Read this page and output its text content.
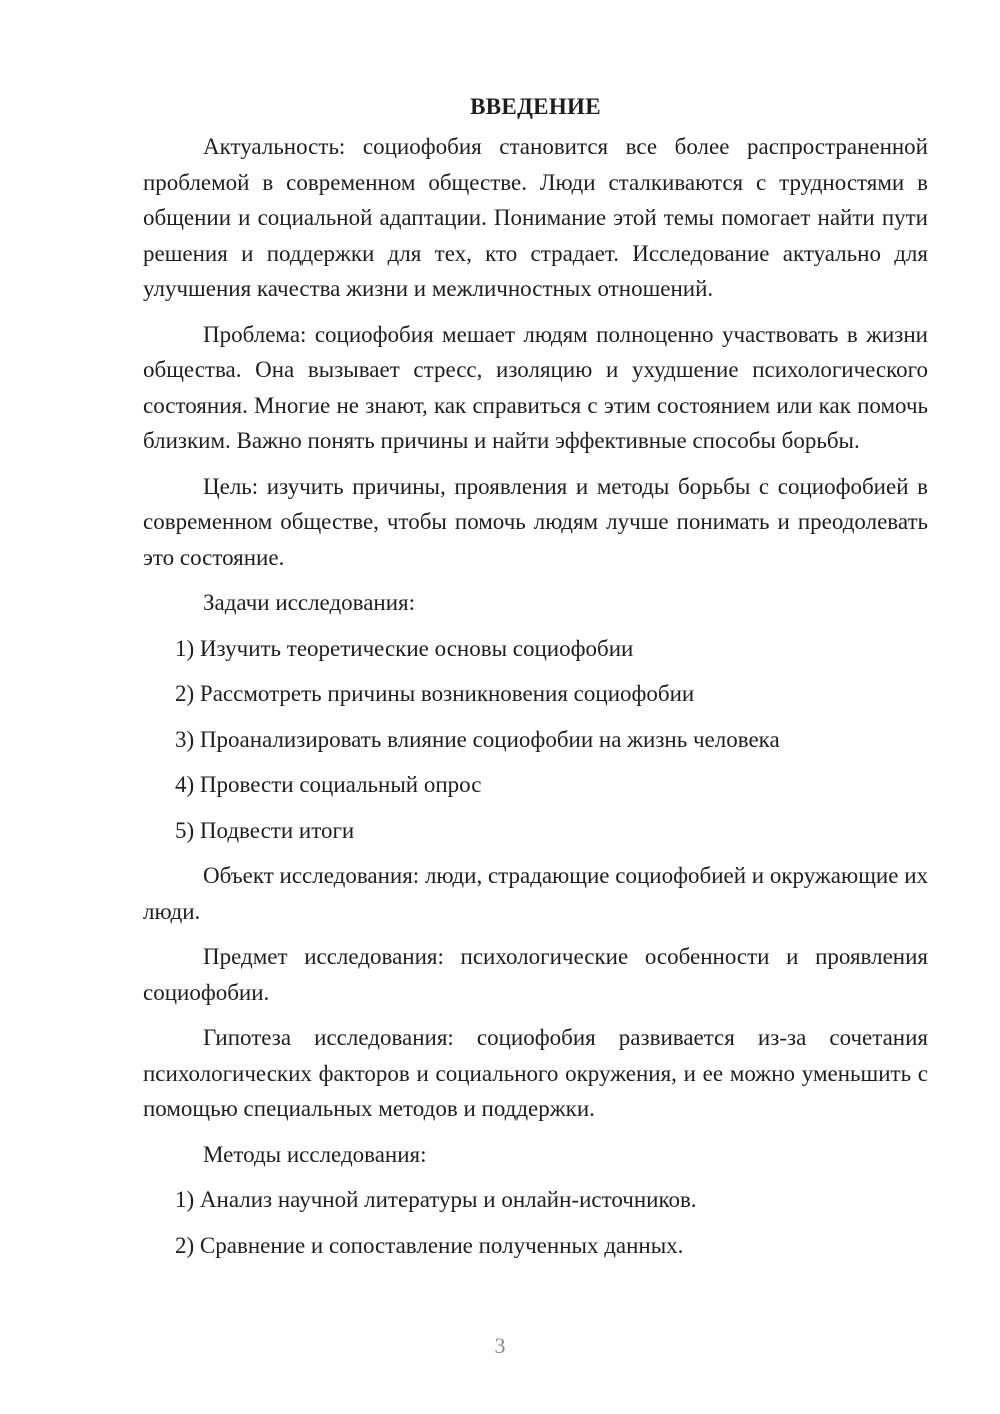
ВВЕДЕНИЕ

Актуальность: социофобия становится все более распространенной проблемой в современном обществе. Люди сталкиваются с трудностями в общении и социальной адаптации. Понимание этой темы помогает найти пути решения и поддержки для тех, кто страдает. Исследование актуально для улучшения качества жизни и межличностных отношений.

Проблема: социофобия мешает людям полноценно участвовать в жизни общества. Она вызывает стресс, изоляцию и ухудшение психологического состояния. Многие не знают, как справиться с этим состоянием или как помочь близким. Важно понять причины и найти эффективные способы борьбы.

Цель: изучить причины, проявления и методы борьбы с социофобией в современном обществе, чтобы помочь людям лучше понимать и преодолевать это состояние.

Задачи исследования:

1) Изучить теоретические основы социофобии
2) Рассмотреть причины возникновения социофобии
3) Проанализировать влияние социофобии на жизнь человека
4) Провести социальный опрос
5) Подвести итоги

Объект исследования: люди, страдающие социофобией и окружающие их люди.

Предмет исследования: психологические особенности и проявления социофобии.

Гипотеза исследования: социофобия развивается из-за сочетания психологических факторов и социального окружения, и ее можно уменьшить с помощью специальных методов и поддержки.

Методы исследования:

1) Анализ научной литературы и онлайн-источников.
2) Сравнение и сопоставление полученных данных.
3
